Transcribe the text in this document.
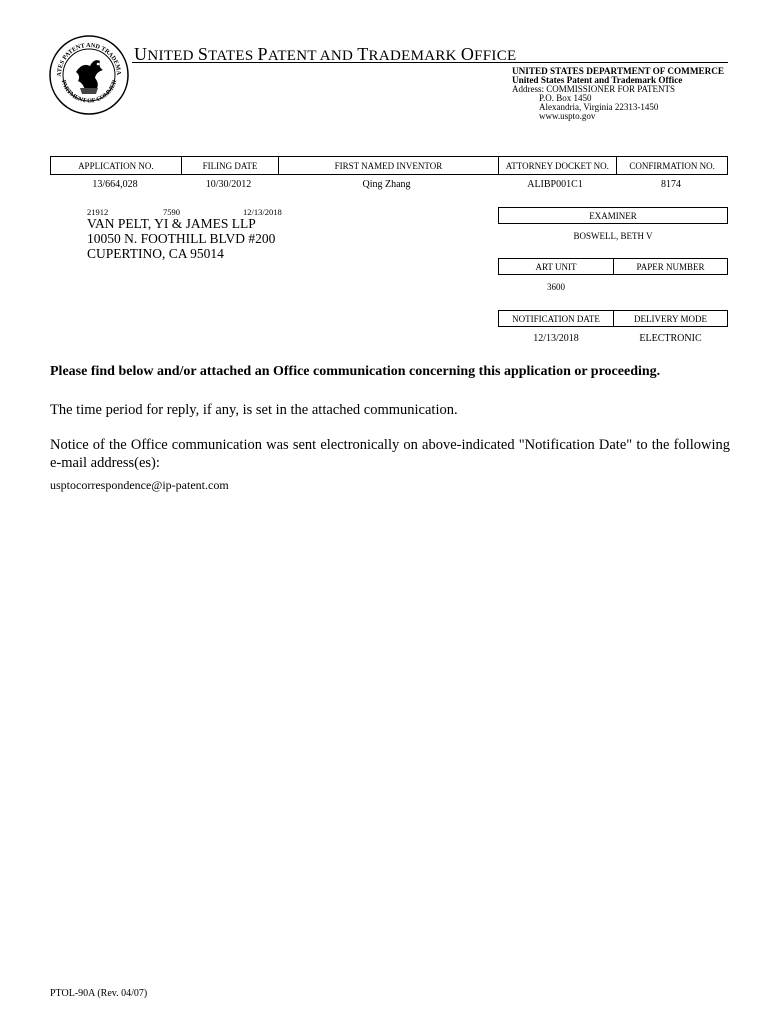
ATES PATENT AND TRADEMA
PARTMENT OF COMMER
UNITED STATES PATENT AND TRADEMARK OFFICE
UNITED STATES DEPARTMENT OF COMMERCE
United States Patent and Trademark Office
Address: COMMISSIONER FOR PATENTS
P.O. Box 1450
Alexandria, Virginia 22313-1450
www.uspto.gov
APPLICATION NO.	FILING DATE	FIRST NAMED INVENTOR	ATTORNEY DOCKET NO.	CONFIRMATION NO.
13/664,028	10/30/2012	Qing Zhang	ALIBP001C1	8174
21912	7590	12/13/2018
VAN PELT, YI & JAMES LLP
10050 N. FOOTHILL BLVD #200
CUPERTINO, CA 95014
EXAMINER
BOSWELL, BETH V
ART UNIT	PAPER NUMBER
3600
NOTIFICATION DATE	DELIVERY MODE
12/13/2018	ELECTRONIC
Please find below and/or attached an Office communication concerning this application or proceeding.
The time period for reply, if any, is set in the attached communication.
Notice of the Office communication was sent electronically on above-indicated "Notification Date" to the following e-mail address(es):
usptocorrespondence@ip-patent.com
PTOL-90A (Rev. 04/07)
